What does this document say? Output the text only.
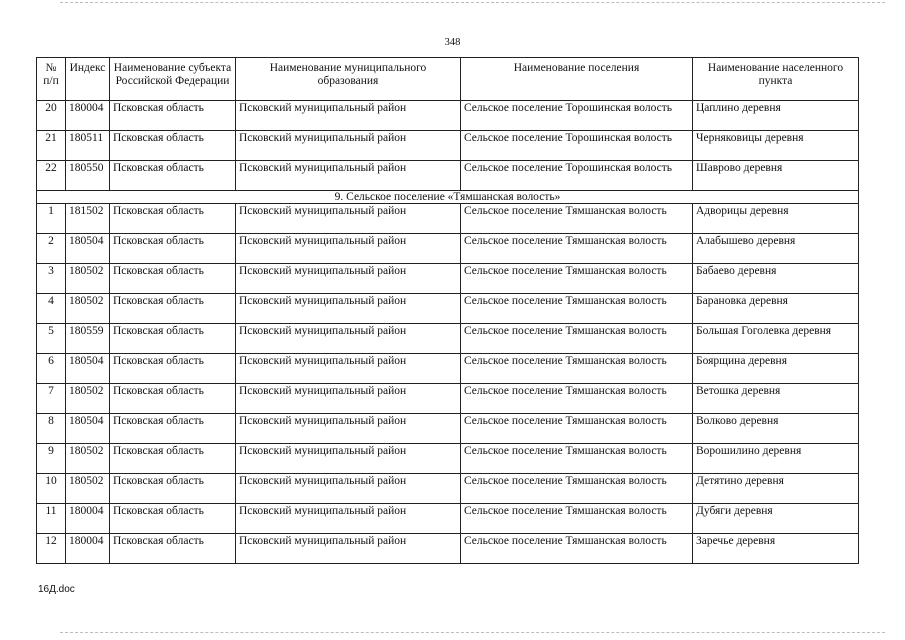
348
№ п/п	Индекс	Наименование субъекта Российской Федерации	Наименование муниципального образования	Наименование поселения	Наименование населенного пункта
20	180004	Псковская область	Псковский муниципальный район	Сельское поселение Торошинская волость	Цаплино деревня
21	180511	Псковская область	Псковский муниципальный район	Сельское поселение Торошинская волость	Черняковицы деревня
22	180550	Псковская область	Псковский муниципальный район	Сельское поселение Торошинская волость	Шаврово деревня
9. Сельское поселение «Тямшанская волость»					
1	181502	Псковская область	Псковский муниципальный район	Сельское поселение Тямшанская волость	Адворицы деревня
2	180504	Псковская область	Псковский муниципальный район	Сельское поселение Тямшанская волость	Алабышево деревня
3	180502	Псковская область	Псковский муниципальный район	Сельское поселение Тямшанская волость	Бабаево деревня
4	180502	Псковская область	Псковский муниципальный район	Сельское поселение Тямшанская волость	Барановка деревня
5	180559	Псковская область	Псковский муниципальный район	Сельское поселение Тямшанская волость	Большая Гоголевка деревня
6	180504	Псковская область	Псковский муниципальный район	Сельское поселение Тямшанская волость	Боярщина деревня
7	180502	Псковская область	Псковский муниципальный район	Сельское поселение Тямшанская волость	Ветошка деревня
8	180504	Псковская область	Псковский муниципальный район	Сельское поселение Тямшанская волость	Волково деревня
9	180502	Псковская область	Псковский муниципальный район	Сельское поселение Тямшанская волость	Ворошилино деревня
10	180502	Псковская область	Псковский муниципальный район	Сельское поселение Тямшанская волость	Детятино деревня
11	180004	Псковская область	Псковский муниципальный район	Сельское поселение Тямшанская волость	Дубяги деревня
12	180004	Псковская область	Псковский муниципальный район	Сельское поселение Тямшанская волость	Заречье деревня
16Д.doc
